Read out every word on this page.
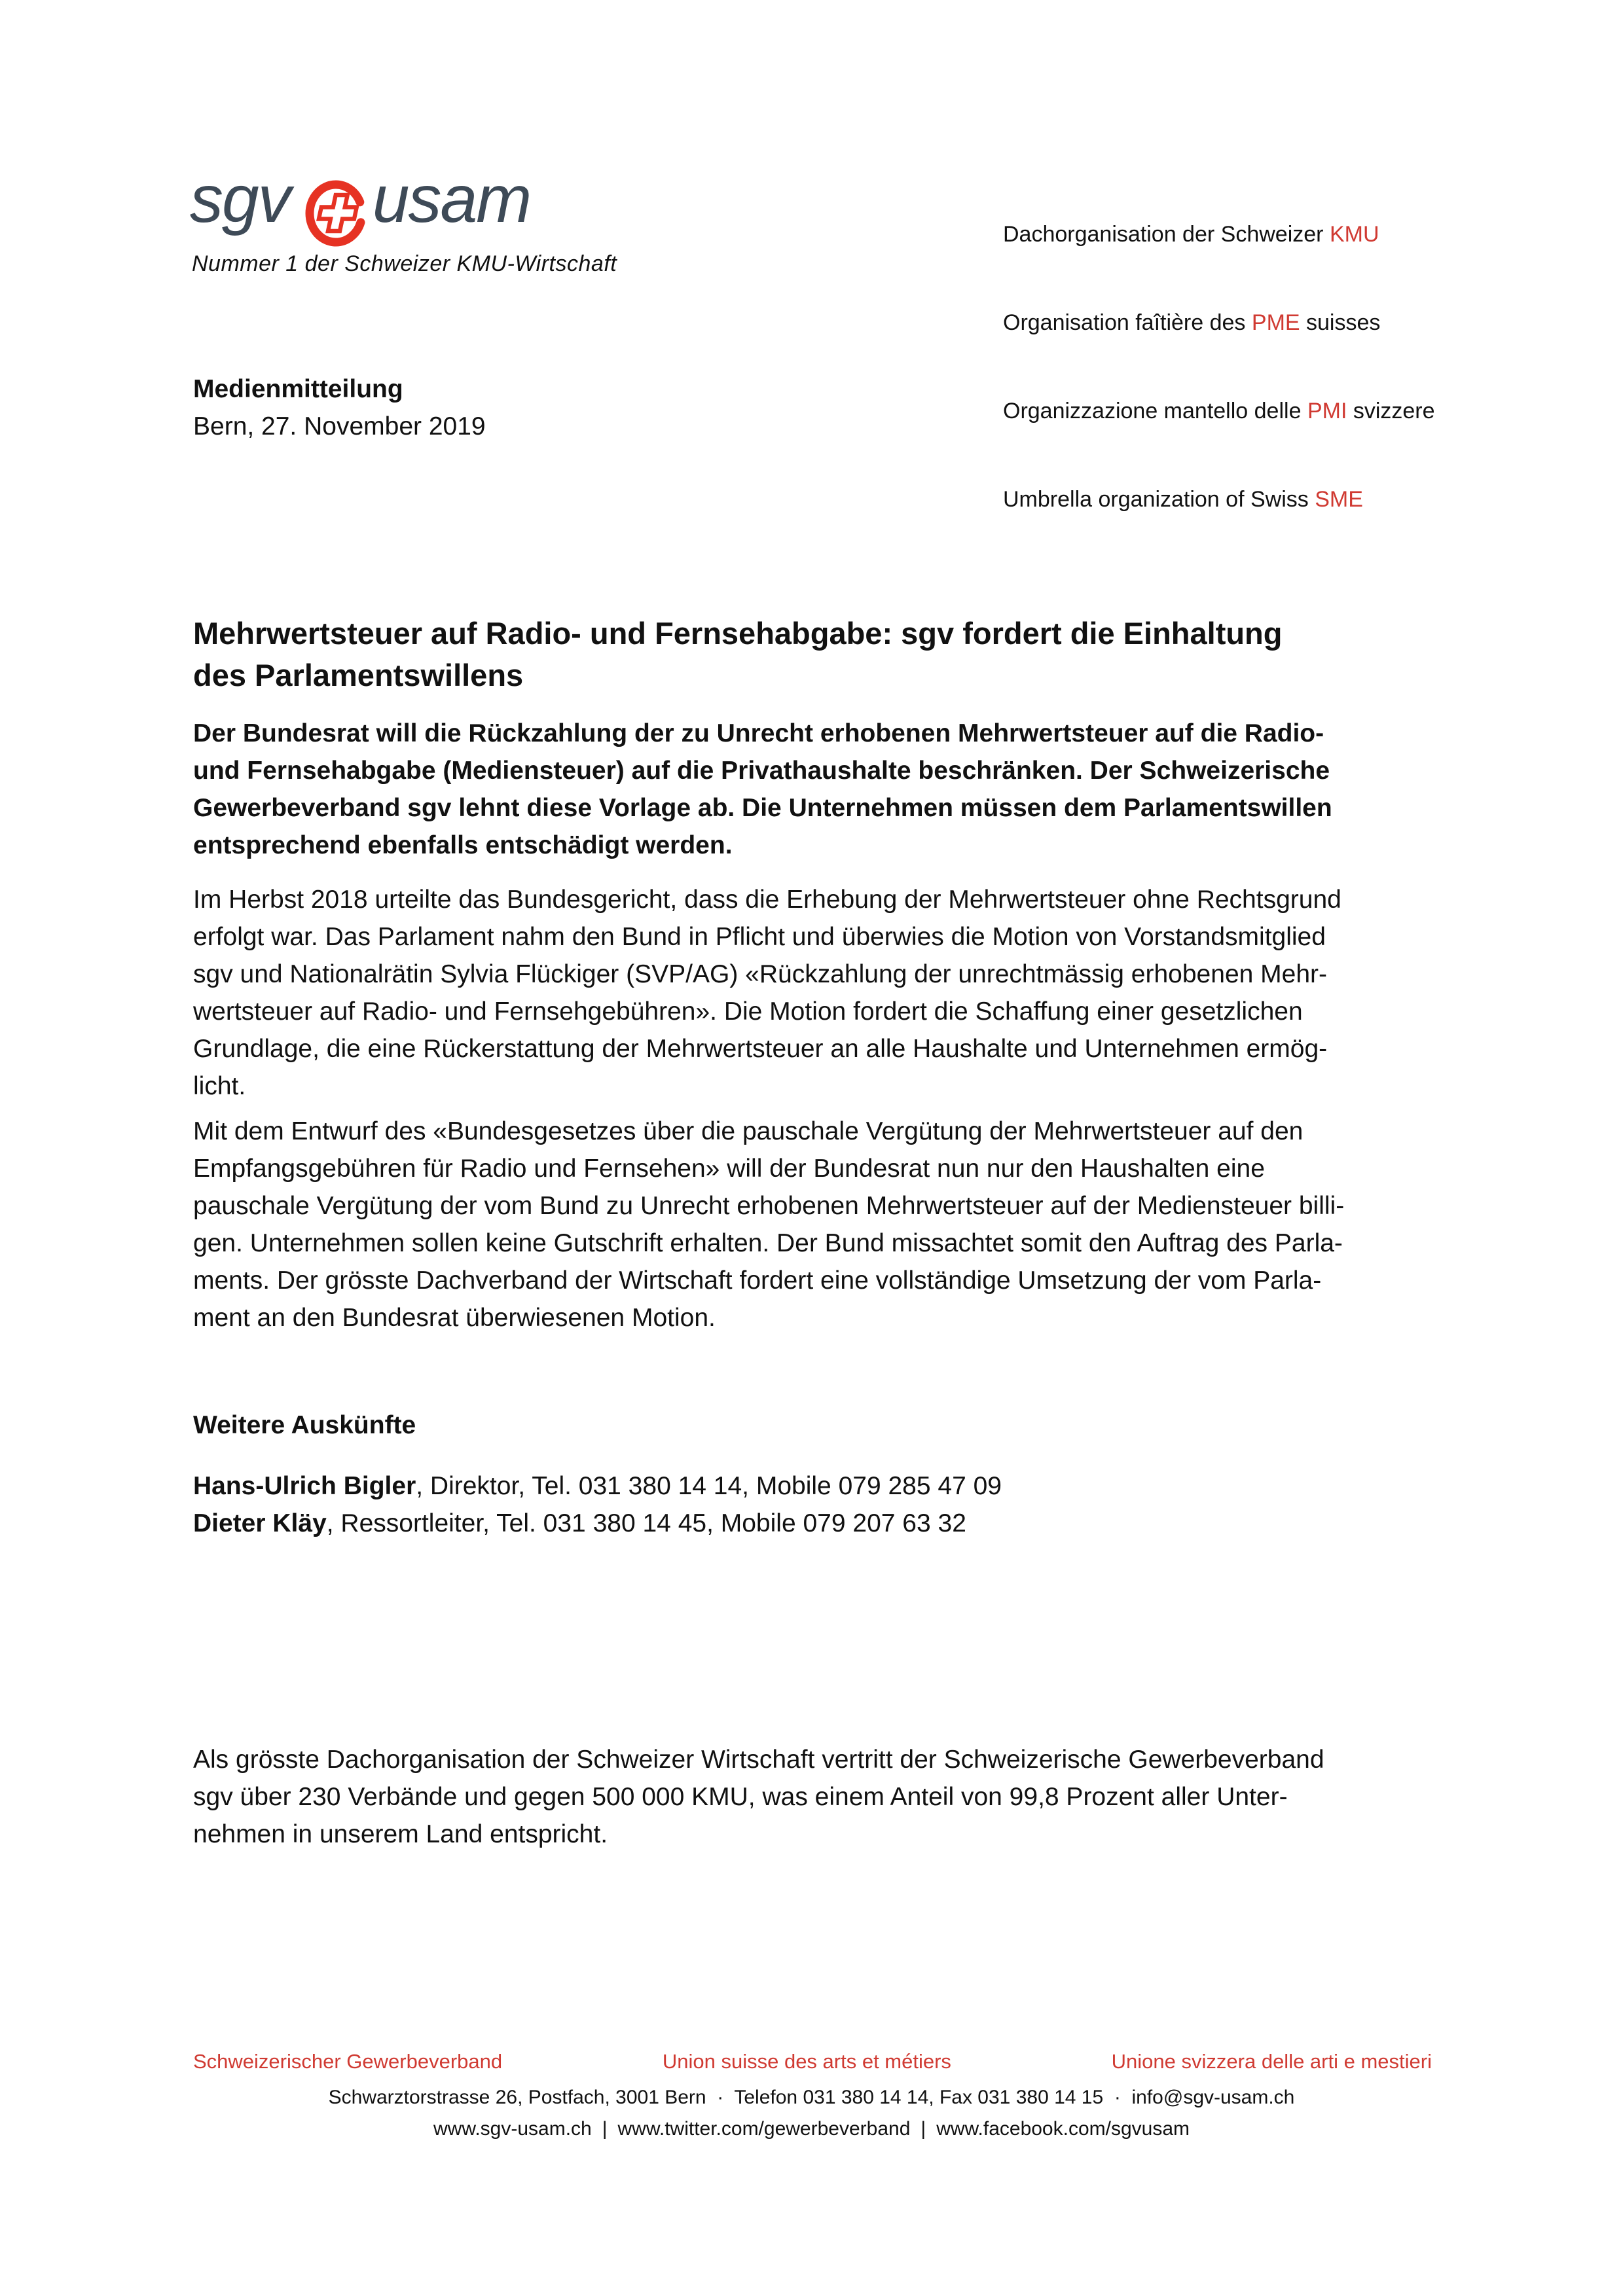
sgv usam
Nummer 1 der Schweizer KMU-Wirtschaft

Dachorganisation der Schweizer KMU

Organisation faîtière des PME suisses

Organizzazione mantello delle PMI svizzere

Umbrella organization of Swiss SME

Medienmitteilung
Bern, 27. November 2019
Mehrwertsteuer auf Radio- und Fernsehabgabe: sgv fordert die Einhaltung
des Parlamentswillens
Der Bundesrat will die Rückzahlung der zu Unrecht erhobenen Mehrwertsteuer auf die Radio-
und Fernsehabgabe (Mediensteuer) auf die Privathaushalte beschränken. Der Schweizerische
Gewerbeverband sgv lehnt diese Vorlage ab. Die Unternehmen müssen dem Parlamentswillen
entsprechend ebenfalls entschädigt werden.
Im Herbst 2018 urteilte das Bundesgericht, dass die Erhebung der Mehrwertsteuer ohne Rechtsgrund
erfolgt war. Das Parlament nahm den Bund in Pflicht und überwies die Motion von Vorstandsmitglied
sgv und Nationalrätin Sylvia Flückiger (SVP/AG) «Rückzahlung der unrechtmässig erhobenen Mehr-
wertsteuer auf Radio- und Fernsehgebühren». Die Motion fordert die Schaffung einer gesetzlichen
Grundlage, die eine Rückerstattung der Mehrwertsteuer an alle Haushalte und Unternehmen ermög-
licht.
Mit dem Entwurf des «Bundesgesetzes über die pauschale Vergütung der Mehrwertsteuer auf den
Empfangsgebühren für Radio und Fernsehen» will der Bundesrat nun nur den Haushalten eine
pauschale Vergütung der vom Bund zu Unrecht erhobenen Mehrwertsteuer auf der Mediensteuer billi-
gen. Unternehmen sollen keine Gutschrift erhalten. Der Bund missachtet somit den Auftrag des Parla-
ments. Der grösste Dachverband der Wirtschaft fordert eine vollständige Umsetzung der vom Parla-
ment an den Bundesrat überwiesenen Motion.
Weitere Auskünfte
Hans-Ulrich Bigler, Direktor, Tel. 031 380 14 14, Mobile 079 285 47 09
Dieter Kläy, Ressortleiter, Tel. 031 380 14 45, Mobile 079 207 63 32
Als grösste Dachorganisation der Schweizer Wirtschaft vertritt der Schweizerische Gewerbeverband
sgv über 230 Verbände und gegen 500 000 KMU, was einem Anteil von 99,8 Prozent aller Unter-
nehmen in unserem Land entspricht.
Schweizerischer Gewerbeverband	Union suisse des arts et métiers	Unione svizzera delle arti e mestieri
Schwarztorstrasse 26, Postfach, 3001 Bern  ·  Telefon 031 380 14 14, Fax 031 380 14 15  ·  info@sgv-usam.ch
www.sgv-usam.ch | www.twitter.com/gewerbeverband | www.facebook.com/sgvusam
